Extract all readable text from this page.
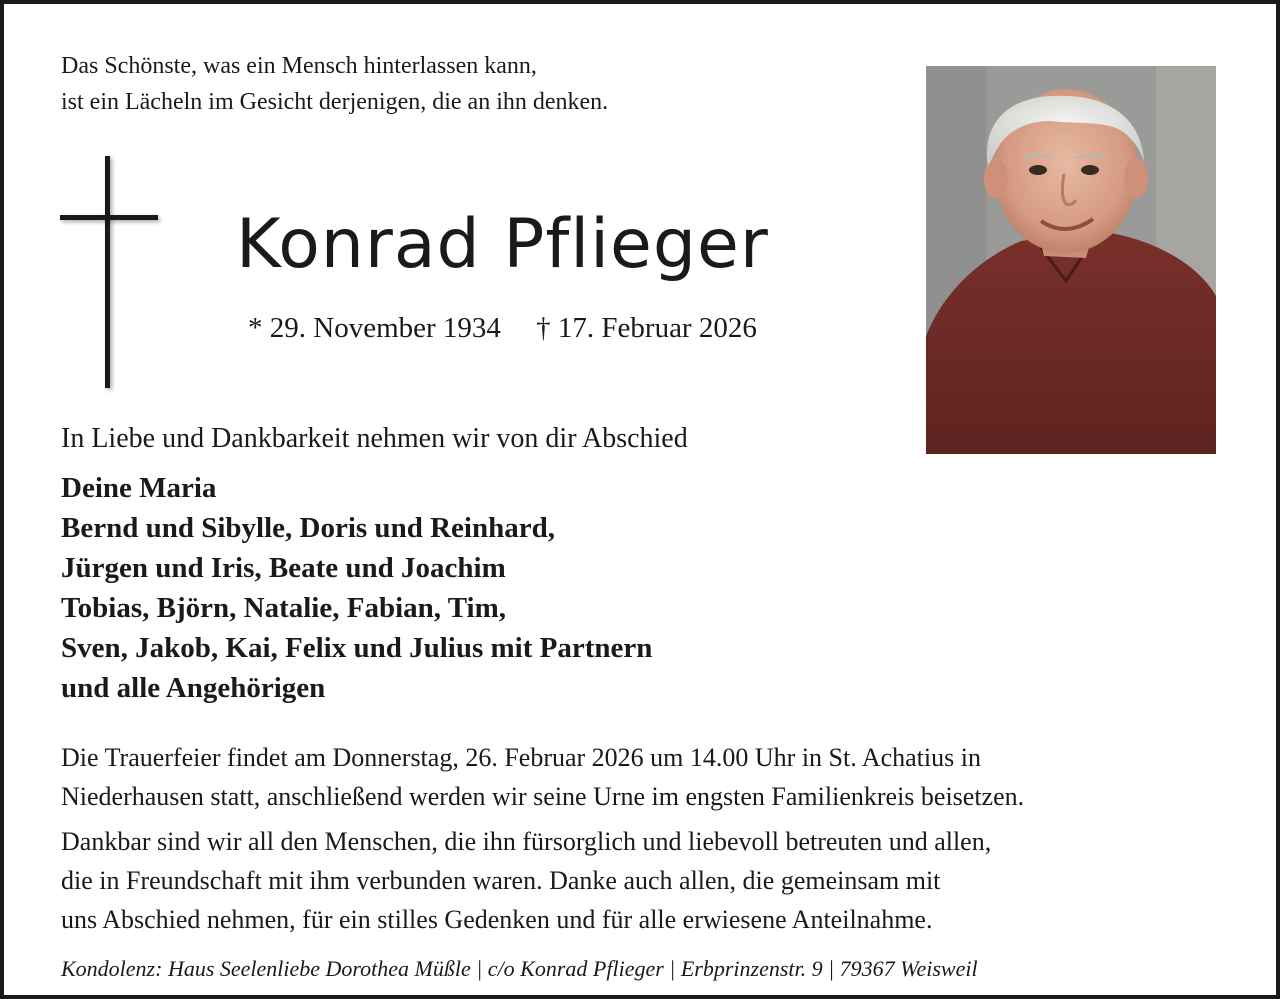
Das Schönste, was ein Mensch hinterlassen kann,
ist ein Lächeln im Gesicht derjenigen, die an ihn denken.
Konrad Pflieger
* 29. November 1934 † 17. Februar 2026
In Liebe und Dankbarkeit nehmen wir von dir Abschied
Deine Maria
Bernd und Sibylle, Doris und Reinhard,
Jürgen und Iris, Beate und Joachim
Tobias, Björn, Natalie, Fabian, Tim,
Sven, Jakob, Kai, Felix und Julius mit Partnern
und alle Angehörigen
Die Trauerfeier findet am Donnerstag, 26. Februar 2026 um 14.00 Uhr in St. Achatius in
Niederhausen statt, anschließend werden wir seine Urne im engsten Familienkreis beisetzen.
Dankbar sind wir all den Menschen, die ihn fürsorglich und liebevoll betreuten und allen,
die in Freundschaft mit ihm verbunden waren. Danke auch allen, die gemeinsam mit
uns Abschied nehmen, für ein stilles Gedenken und für alle erwiesene Anteilnahme.
Kondolenz: Haus Seelenliebe Dorothea Müßle | c/o Konrad Pflieger | Erbprinzenstr. 9 | 79367 Weisweil
